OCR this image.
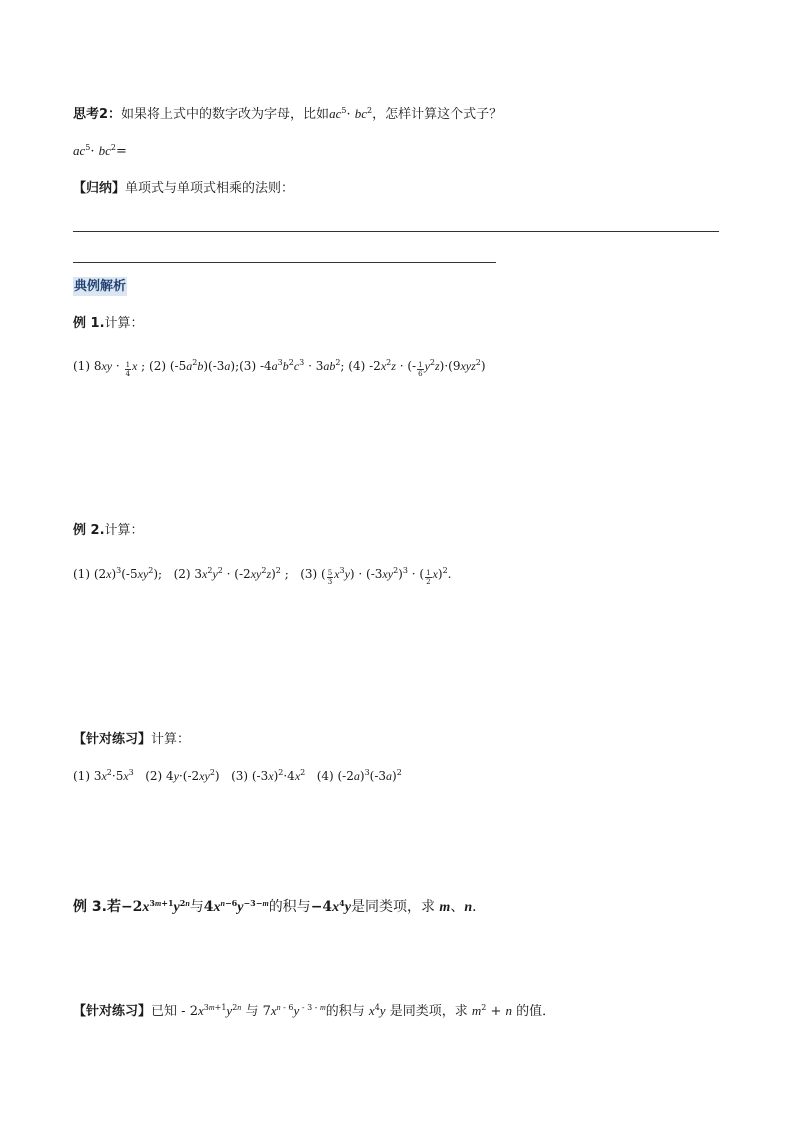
思考2：如果将上式中的数字改为字母，比如$ac^5\cdot bc^2$，怎样计算这个式子？
$ac^5\cdot bc^2=$
【归纳】单项式与单项式相乘的法则：
典例解析
例 1.计算：
(1) $8xy \cdot \frac{1}{4}$ x ; (2) $(-5a^2b)(-3a);(3) -4a^3b^2c^3 \cdot 3ab^2$; (4) $-2x^2z$ · (- $\frac{1}{6} y^2z)\cdot(9xyz^2)$
例 2.计算：
(1) $(2x)^3(-5xy^2)$; (2) $3x^2y^2 \cdot (-2xy^2z)^2$ ; (3) ( $\frac{5}{3} x^3y) \cdot (-3xy^2)^3$ · ( $\frac{1}{2} x)^2$.
【针对练习】计算：
(1) $3x^2\cdot 5x^3$ (2) $4y\cdot(-2xy^2)$ (3) $(-3x)^2\cdot 4x^2$ (4) $(-2a)^3(-3a)^2$
例 3.若$-2x^{3m+1}y^{2n}$与$4x^{n-6}y^{-3-m}$的积与$-4x^4y$是同类项，求 m、n．
【针对练习】已知 - $2x^{3m+1}y^{2n}$ 与 $7x^{n - 6}y$ $^{- 3 - m}$的积与 $x^4y$ 是同类项，求 $m^2 + n$ 的值．
